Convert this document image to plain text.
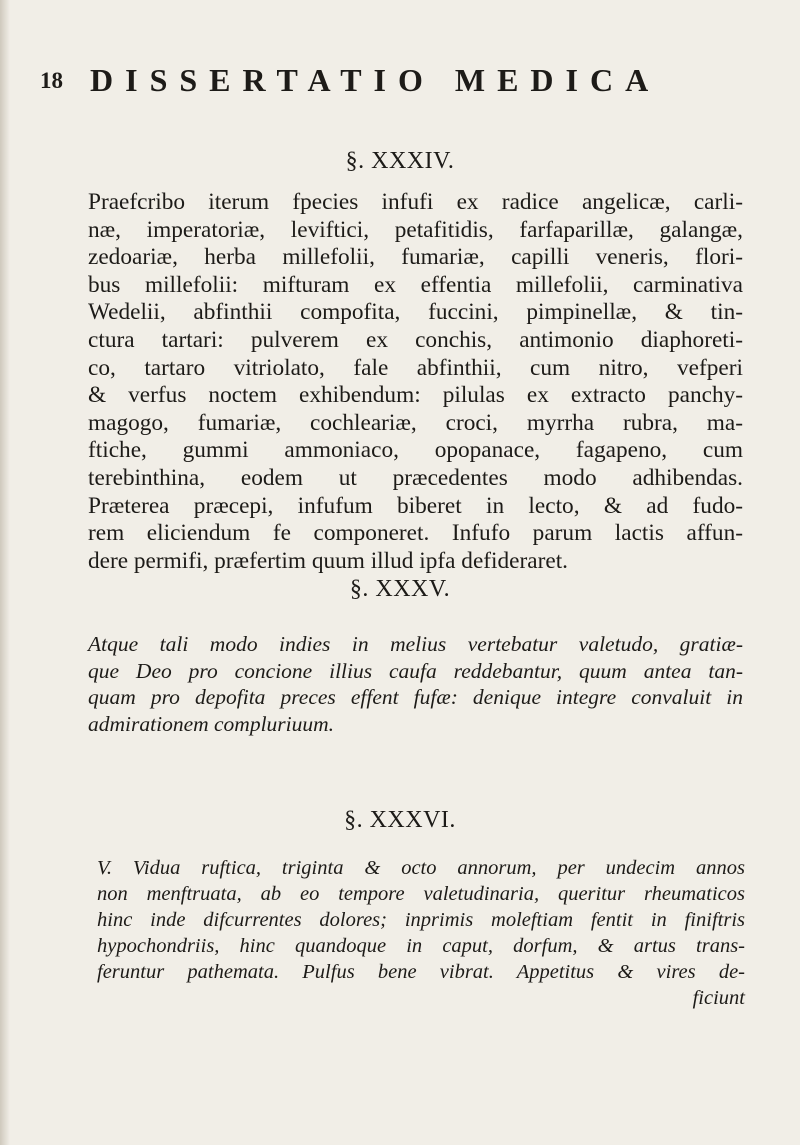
18 DISSERTATIO MEDICA
§. XXXIV.
Praefcribo iterum fpecies infufi ex radice angelicæ, carli-
næ, imperatoriæ, leviftici, petafitidis, farfaparillæ, galangæ,
zedoariæ, herba millefolii, fumariæ, capilli veneris, flori-
bus millefolii: mifturam ex effentia millefolii, carminativa
Wedelii, abfinthii compofita, fuccini, pimpinellæ, & tin-
ctura tartari: pulverem ex conchis, antimonio diaphoreti-
co, tartaro vitriolato, fale abfinthii, cum nitro, vefperi
& verfus noctem exhibendum: pilulas ex extracto panchy-
magogo, fumariæ, cochleariæ, croci, myrrha rubra, ma-
ftiche, gummi ammoniaco, opopanace, fagapeno, cum
terebinthina, eodem ut præcedentes modo adhibendas.
Præterea præcepi, infufum biberet in lecto, & ad fudo-
rem eliciendum fe componeret. Infufo parum lactis affun-
dere permifi, præfertim quum illud ipfa defideraret.
§. XXXV.
Atque tali modo indies in melius vertebatur valetudo, gratiæ-
que Deo pro concione illius caufa reddebantur, quum antea tan-
quam pro depofita preces effent fufæ: denique integre convaluit in
admirationem compluriuum.
§. XXXVI.
V. Vidua ruftica, triginta & octo annorum, per undecim annos
non menftruata, ab eo tempore valetudinaria, queritur rheumaticos
hinc inde difcurrentes dolores; inprimis moleftiam fentit in finiftris
hypochondriis, hinc quandoque in caput, dorfum, & artus trans-
feruntur pathemata. Pulfus bene vibrat. Appetitus & vires de-
ficiunt
